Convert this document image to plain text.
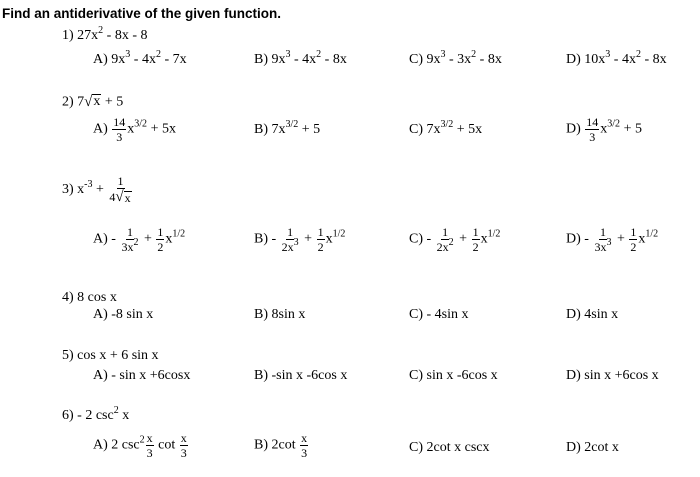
Find an antiderivative of the given function.
1) $27x^2 - 8x - 8$
A) $9x^3 - 4x^2 - 7x$	B) $9x^3 - 4x^2 - 8x$	C) $9x^3 - 3x^2 - 8x$	D) $10x^3 - 4x^2 - 8x$
2) 7 √ x + 5
$A) \frac{14}{3} x^{3/2} + 5x$	B) $7x^{3/2} + 5$	C) $7x^{3/2} + 5x$	$D) \frac{14}{3} x^{3/2} + 5$
3) $x^{-3} + \frac{1}{4 √ x}$
$A) - \frac{1}{3x^2} + \frac{1}{2} x^{1/2}$	$B) - \frac{1}{2x^3} + \frac{1}{2} x^{1/2}$	$C) - \frac{1}{2x^2} + \frac{1}{2} x^{1/2}$	$D) - \frac{1}{3x^3} + \frac{1}{2} x^{1/2}$
4) 8 cos x
A) -8 sin x	B) 8sin x	C) - 4sin x	D) 4sin x
5) cos x + 6 sin x
A) - sin x +6cosx	B) -sin x -6cos x	C) sin x -6cos x	D) sin x +6cos x
6) - 2 $\csc^2 x$
A) 2 $\csc^2 \frac{x}{3}$ $\cot \frac{x}{3}$	B) $2\cot \frac{x}{3}$	C) 2cot x cscx	D) 2cot x
